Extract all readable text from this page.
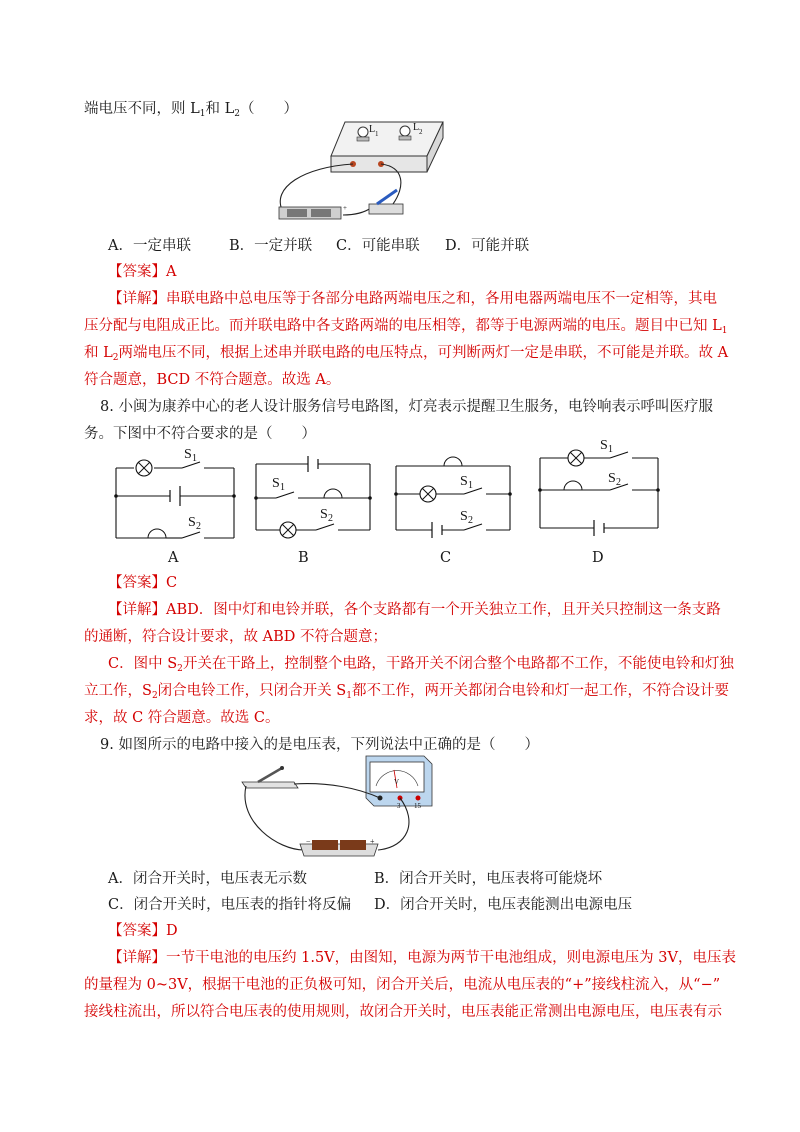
端电压不同，则 $L_1$和 $L_2$（　　）
L 1
L 2
+
A．一定串联	B．一定并联 C．可能串联 D．可能并联
【答案】A
【详解】串联电路中总电压等于各部分电路两端电压之和，各用电器两端电压不一定相等，其电
压分配与电阻成正比。而并联电路中各支路两端的电压相等，都等于电源两端的电压。题目中已知 $L_1$
和 $L_2$两端电压不同，根据上述串并联电路的电压特点，可判断两灯一定是串联，不可能是并联。故 A
符合题意，BCD 不符合题意。故选 A。
8. 小闽为康养中心的老人设计服务信号电路图，灯亮表示提醒卫生服务，电铃响表示呼叫医疗服
务。下图中不符合要求的是（　　）
S 1
S 2
A
S 1
S 2
B
S 1
S 2
C
S 1
S 2
D
【答案】C
【详解】ABD．图中灯和电铃并联，各个支路都有一个开关独立工作，且开关只控制这一条支路
的通断，符合设计要求，故 ABD 不符合题意；
C．图中 $S_2$开关在干路上，控制整个电路，干路开关不闭合整个电路都不工作，不能使电铃和灯独
立工作，$S_2$闭合电铃工作，只闭合开关 $S_1$都不工作，两开关都闭合电铃和灯一起工作，不符合设计要
求，故 C 符合题意。故选 C。
9. 如图所示的电路中接入的是电压表，下列说法中正确的是（　　）
V
3 15
−	+
A．闭合开关时，电压表无示数	B．闭合开关时，电压表将可能烧坏
C．闭合开关时，电压表的指针将反偏 D．闭合开关时，电压表能测出电源电压
【答案】D
【详解】一节干电池的电压约 1.5V，由图知，电源为两节干电池组成，则电源电压为 3V，电压表
的量程为 0~3V，根据干电池的正负极可知，闭合开关后，电流从电压表的“+”接线柱流入，从“−”
接线柱流出，所以符合电压表的使用规则，故闭合开关时，电压表能正常测出电源电压，电压表有示
